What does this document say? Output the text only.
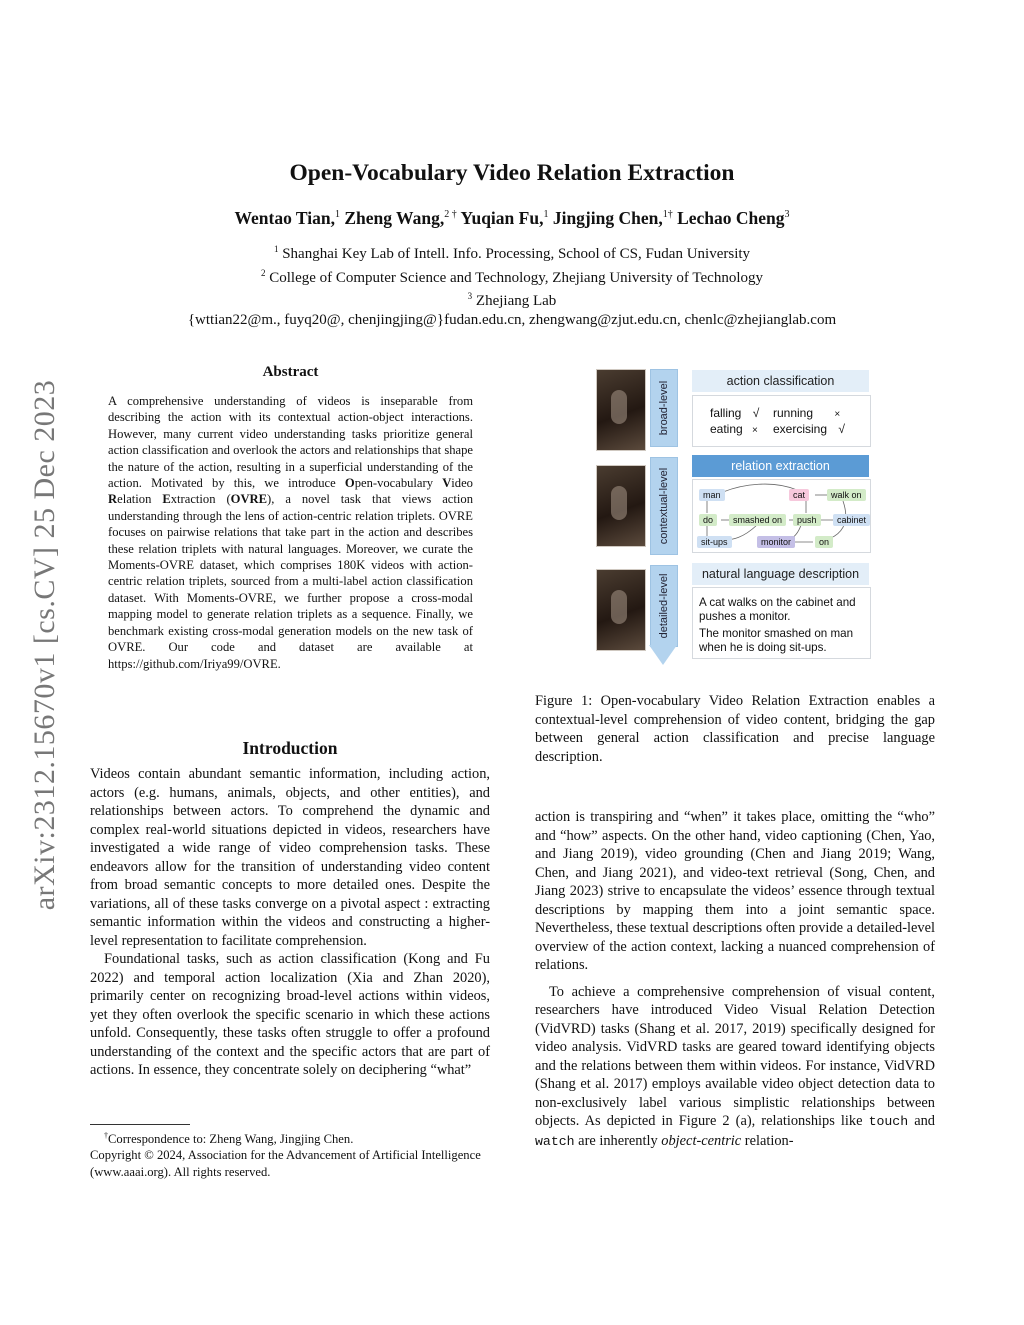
Open-Vocabulary Video Relation Extraction
Wentao Tian,$^1$ Zheng Wang,$^{2 \dagger}$ Yuqian Fu,$^1$ Jingjing Chen,$^{1\dagger}$ Lechao Cheng$^3$
$^1$ Shanghai Key Lab of Intell. Info. Processing, School of CS, Fudan University
$^2$ College of Computer Science and Technology, Zhejiang University of Technology
$^3$ Zhejiang Lab
{wttian22@m., fuyq20@, chenjingjing@}fudan.edu.cn, zhengwang@zjut.edu.cn, chenlc@zhejianglab.com
arXiv:2312.15670v1 [cs.CV] 25 Dec 2023
Abstract
A comprehensive understanding of videos is inseparable from describing the action with its contextual action-object interactions. However, many current video understanding tasks prioritize general action classification and overlook the actors and relationships that shape the nature of the action, resulting in a superficial understanding of the action. Motivated by this, we introduce Open-vocabulary Video Relation Extraction (OVRE), a novel task that views action understanding through the lens of action-centric relation triplets. OVRE focuses on pairwise relations that take part in the action and describes these relation triplets with natural languages. Moreover, we curate the Moments-OVRE dataset, which comprises 180K videos with action-centric relation triplets, sourced from a multi-label action classification dataset. With Moments-OVRE, we further propose a cross-modal mapping model to generate relation triplets as a sequence. Finally, we benchmark existing cross-modal generation models on the new task of OVRE. Our code and dataset are available at https://github.com/Iriya99/OVRE.
Introduction

Videos contain abundant semantic information, including action, actors (e.g. humans, animals, objects, and other entities), and relationships between actors. To comprehend the dynamic and complex real-world situations depicted in videos, researchers have investigated a wide range of video comprehension tasks. These endeavors allow for the transition of understanding video content from broad semantic concepts to more detailed ones. Despite the variations, all of these tasks converge on a pivotal aspect : extracting semantic information within the videos and constructing a higher-level representation to facilitate comprehension.

Foundational tasks, such as action classification (Kong and Fu 2022) and temporal action localization (Xia and Zhan 2020), primarily center on recognizing broad-level actions within videos, yet they often overlook the specific scenario in which these actions unfold. Consequently, these tasks often struggle to offer a profound understanding of the context and the specific actors that are part of actions. In essence, they concentrate solely on deciphering “what”

†Correspondence to: Zheng Wang, Jingjing Chen.
Copyright © 2024, Association for the Advancement of Artificial Intelligence (www.aaai.org). All rights reserved.
broad-level
contextual-level
detailed-level
action classification
falling √ running ×
eating × exercising √
relation extraction
man	cat	walk on
do	smashed on	push	cabinet
sit-ups	monitor	on
natural language description
A cat walks on the cabinet and pushes a monitor.
The monitor smashed on man when he is doing sit-ups.
Figure 1: Open-vocabulary Video Relation Extraction enables a contextual-level comprehension of video content, bridging the gap between general action classification and precise language description.

action is transpiring and “when” it takes place, omitting the “who” and “how” aspects. On the other hand, video captioning (Chen, Yao, and Jiang 2019), video grounding (Chen and Jiang 2019; Wang, Chen, and Jiang 2021), and video-text retrieval (Song, Chen, and Jiang 2023) strive to encapsulate the videos’ essence through textual descriptions by mapping them into a joint semantic space. Nevertheless, these textual descriptions often provide a detailed-level overview of the action context, lacking a nuanced comprehension of relations.

To achieve a comprehensive comprehension of visual content, researchers have introduced Video Visual Relation Detection (VidVRD) tasks (Shang et al. 2017, 2019) specifically designed for video analysis. VidVRD tasks are geared toward identifying objects and the relations between them within videos. For instance, VidVRD (Shang et al. 2017) employs available video object detection data to non-exclusively label various simplistic relationships between objects. As depicted in Figure 2 (a), relationships like touch and watch are inherently object-centric relation-
